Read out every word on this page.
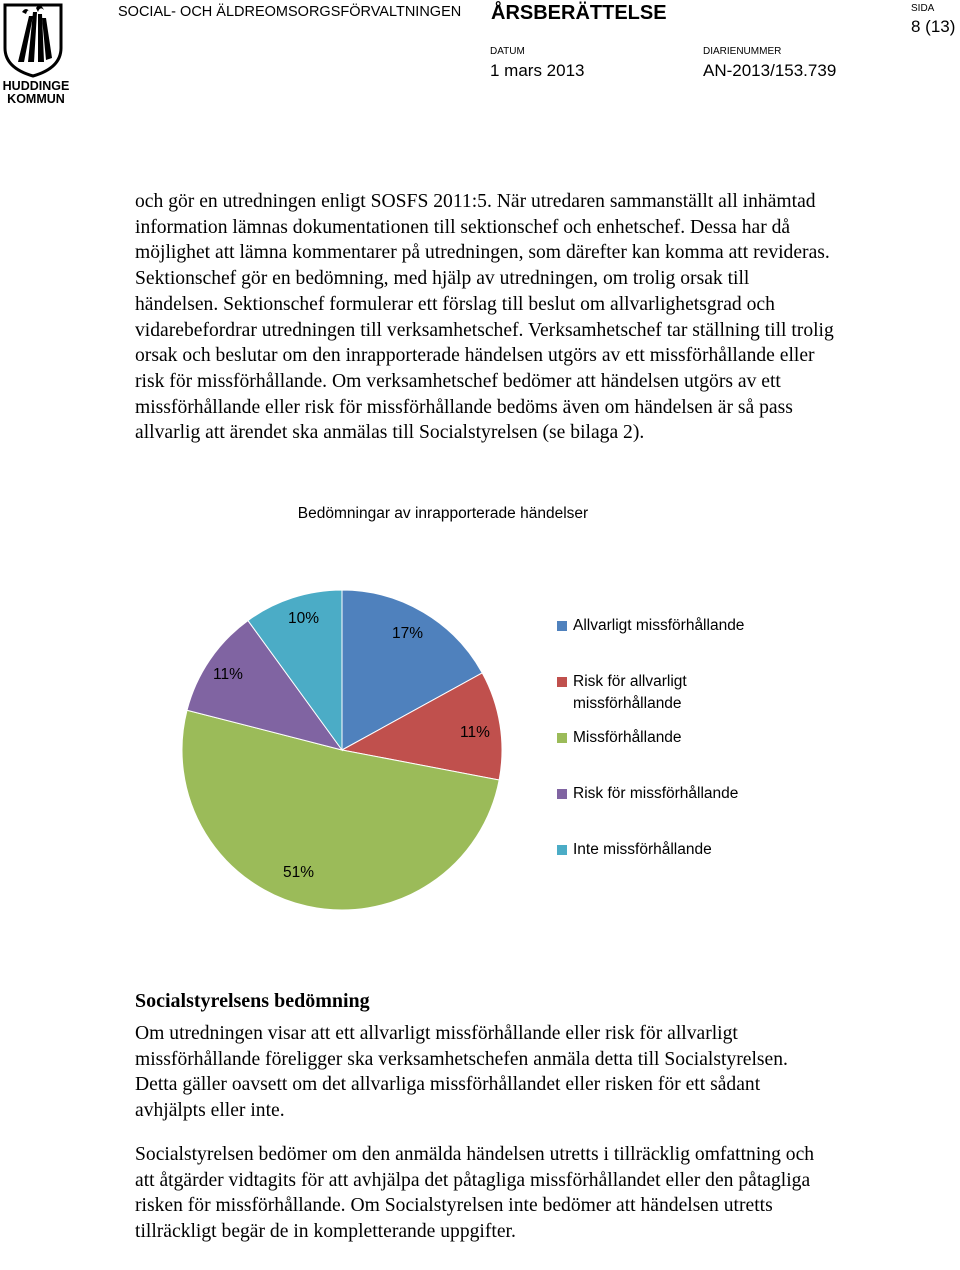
HUDDINGE KOMMUN
SOCIAL- OCH ÄLDREOMSORGSFÖRVALTNINGEN ÅRSBERÄTTELSE	SIDA
8 (13)
DATUM
1 mars 2013
DIARIENUMMER
AN-2013/153.739

och gör en utredningen enligt SOSFS 2011:5. När utredaren sammanställt all inhämtad information lämnas dokumentationen till sektionschef och enhetschef. Dessa har då möjlighet att lämna kommentarer på utredningen, som därefter kan komma att revideras. Sektionschef gör en bedömning, med hjälp av utredningen, om trolig orsak till händelsen. Sektionschef formulerar ett förslag till beslut om allvarlighetsgrad och vidarebefordrar utredningen till verksamhetschef. Verksamhetschef tar ställning till trolig orsak och beslutar om den inrapporterade händelsen utgörs av ett missförhållande eller risk för missförhållande. Om verksamhetschef bedömer att händelsen utgörs av ett missförhållande eller risk för missförhållande bedöms även om händelsen är så pass allvarlig att ärendet ska anmälas till Socialstyrelsen (se bilaga 2).

Bedömningar av inrapporterade händelser
17%
11%
51%
11%
10%	Allvarligt missförhållande
Risk för allvarligt missförhållande
Missförhållande
Risk för missförhållande
Inte missförhållande
Socialstyrelsens bedömning

Om utredningen visar att ett allvarligt missförhållande eller risk för allvarligt missförhållande föreligger ska verksamhetschefen anmäla detta till Socialstyrelsen. Detta gäller oavsett om det allvarliga missförhållandet eller risken för ett sådant avhjälpts eller inte.

Socialstyrelsen bedömer om den anmälda händelsen utretts i tillräcklig omfattning och att åtgärder vidtagits för att avhjälpa det påtagliga missförhållandet eller den påtagliga risken för missförhållande. Om Socialstyrelsen inte bedömer att händelsen utretts tillräckligt begär de in kompletterande uppgifter.
